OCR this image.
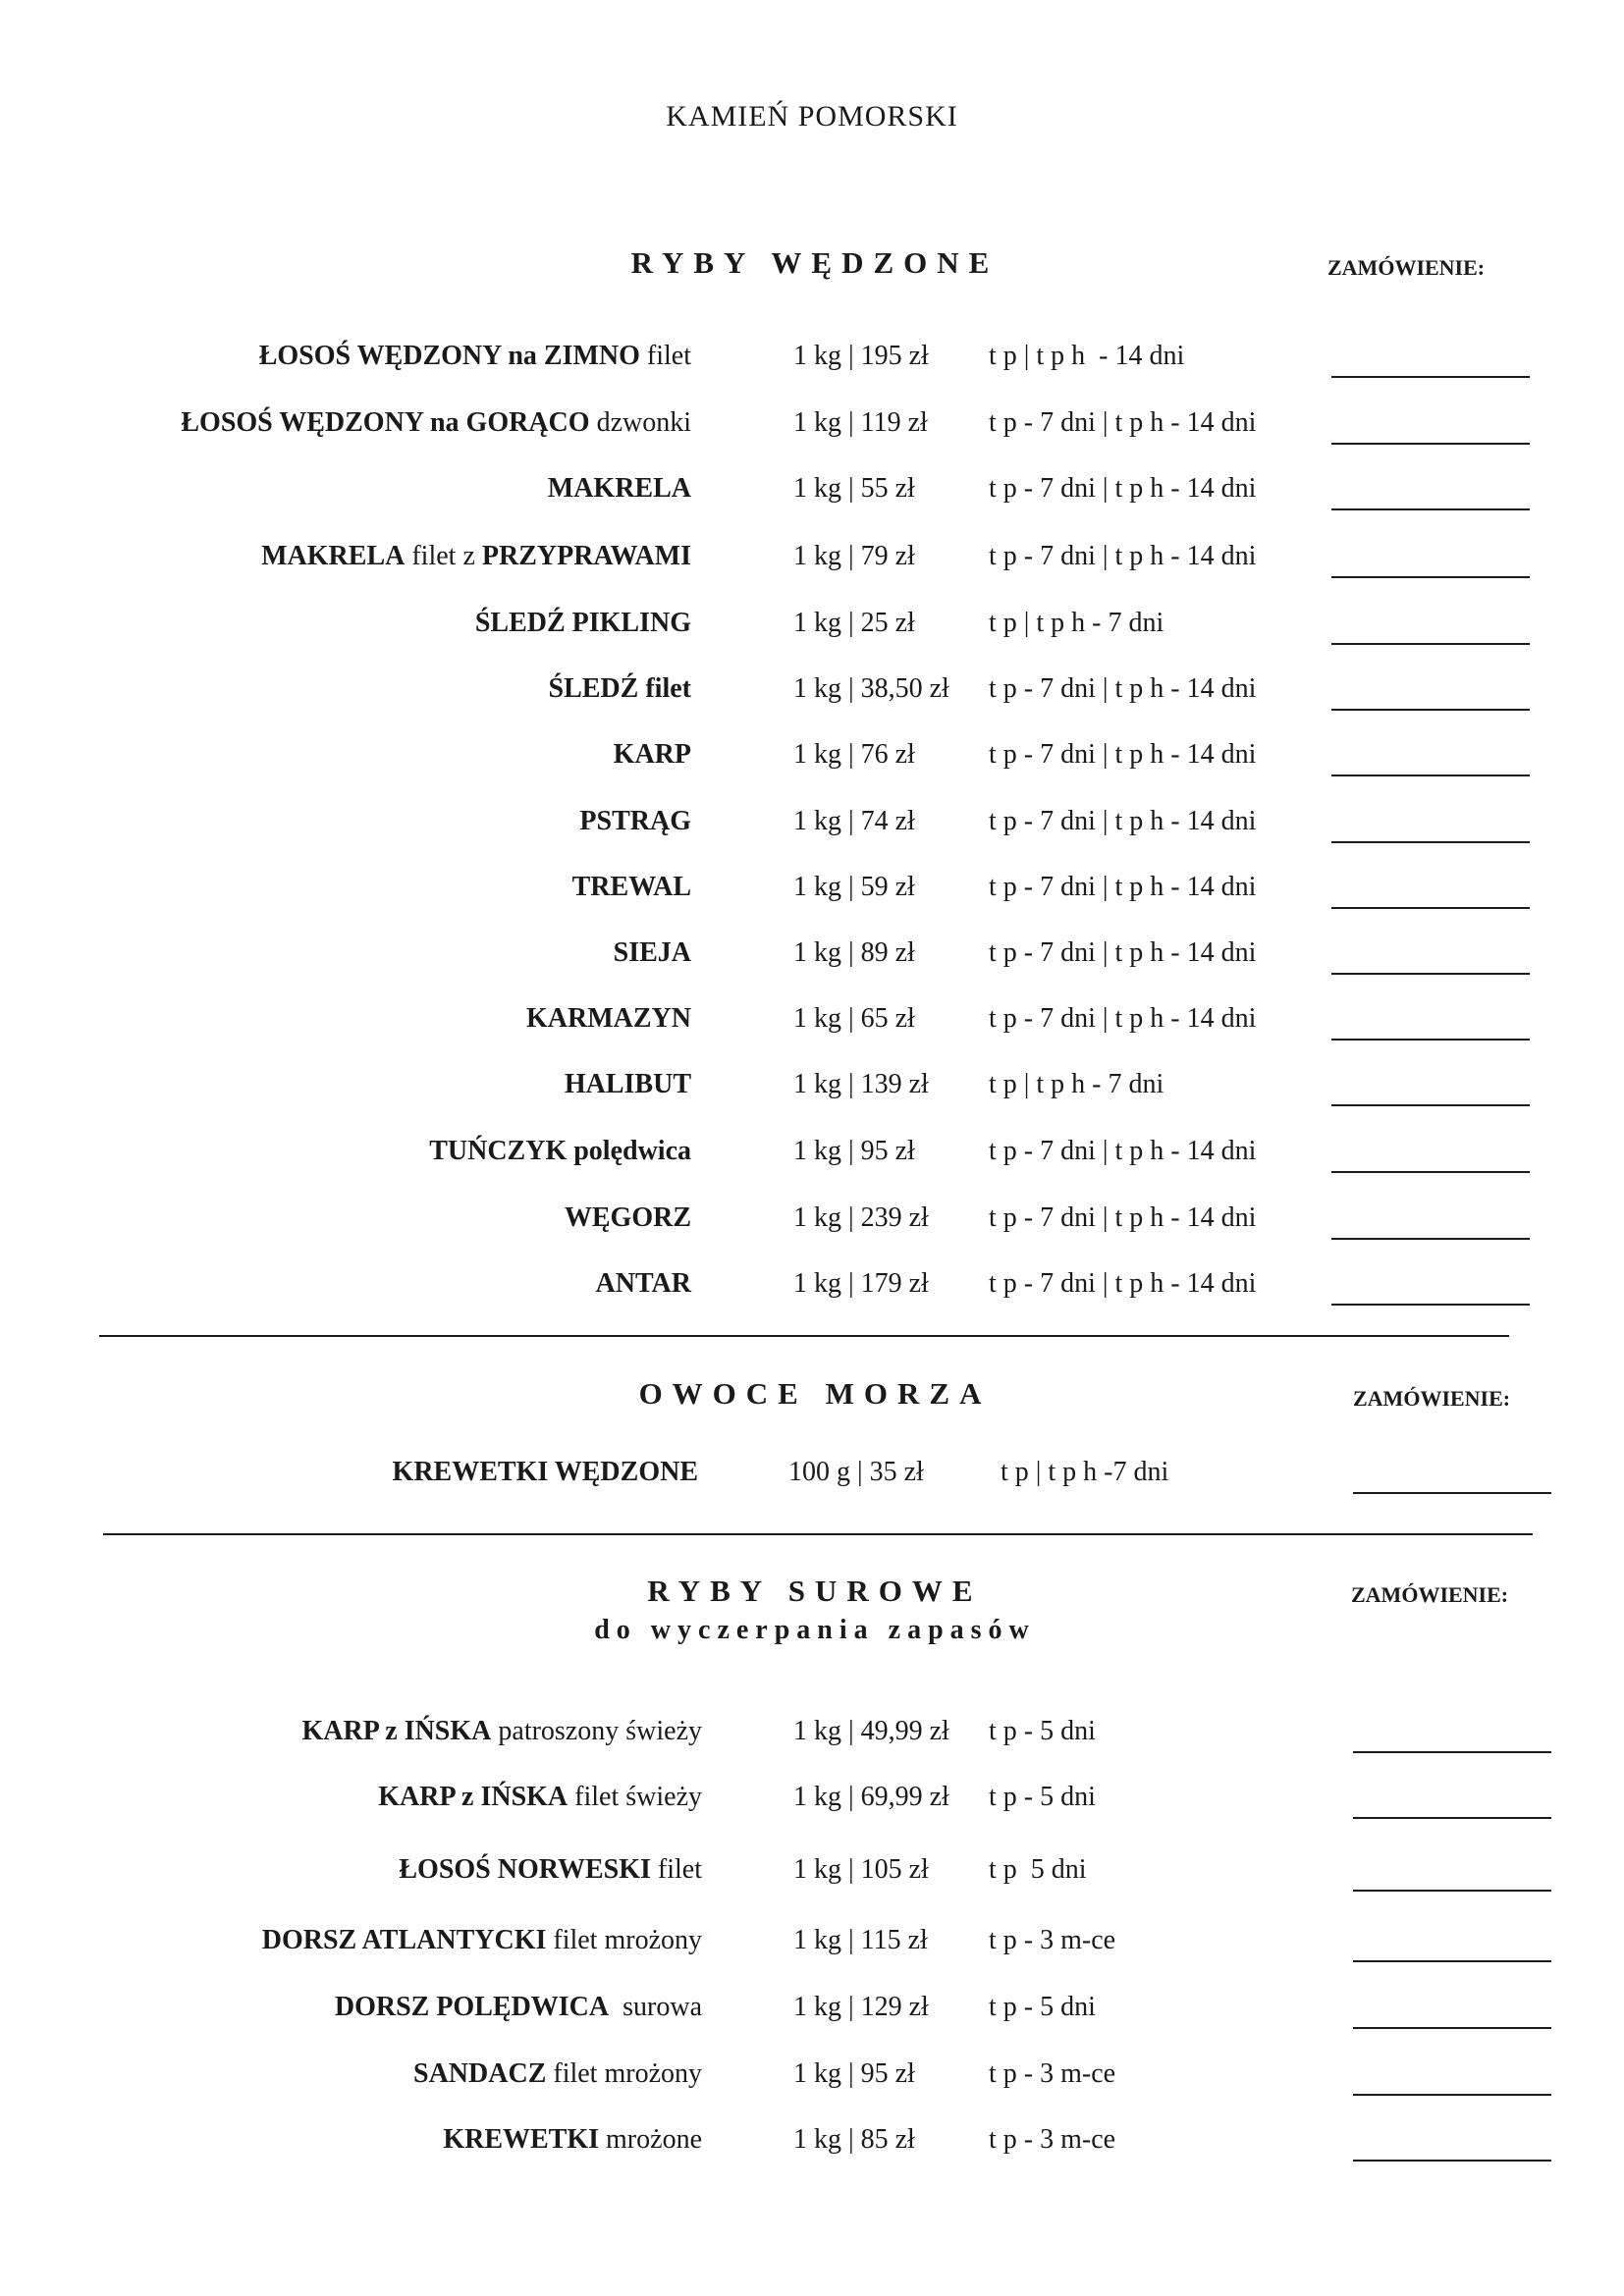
KAMIEŃ POMORSKI
RYBY WĘDZONE	ZAMÓWIENIE:
ŁOSOŚ WĘDZONY na ZIMNO filet	1 kg | 195 zł t p | t p h  - 14 dni
ŁOSOŚ WĘDZONY na GORĄCO dzwonki	1 kg | 119 zł t p - 7 dni | t p h - 14 dni
MAKRELA	1 kg | 55 zł	t p - 7 dni | t p h - 14 dni
MAKRELA filet z PRZYPRAWAMI	1 kg | 79 zł	t p - 7 dni | t p h - 14 dni
ŚLEDŹ PIKLING	1 kg | 25 zł	t p | t p h - 7 dni
ŚLEDŹ filet	1 kg | 38,50 zł t p - 7 dni | t p h - 14 dni
KARP	1 kg | 76 zł	t p - 7 dni | t p h - 14 dni
PSTRĄG	1 kg | 74 zł	t p - 7 dni | t p h - 14 dni
TREWAL	1 kg | 59 zł	t p - 7 dni | t p h - 14 dni
SIEJA	1 kg | 89 zł	t p - 7 dni | t p h - 14 dni
KARMAZYN	1 kg | 65 zł	t p - 7 dni | t p h - 14 dni
HALIBUT	1 kg | 139 zł t p | t p h - 7 dni
TUŃCZYK polędwica	1 kg | 95 zł	t p - 7 dni | t p h - 14 dni
WĘGORZ	1 kg | 239 zł t p - 7 dni | t p h - 14 dni
ANTAR	1 kg | 179 zł t p - 7 dni | t p h - 14 dni
OWOCE MORZA	ZAMÓWIENIE:
KREWETKI WĘDZONE	100 g | 35 zł	t p | t p h -7 dni
RYBY SUROWE
do wyczerpania zapasów
ZAMÓWIENIE:
KARP z IŃSKA patroszony świeży	1 kg | 49,99 zł t p - 5 dni
KARP z IŃSKA filet świeży	1 kg | 69,99 zł t p - 5 dni
ŁOSOŚ NORWESKI filet	1 kg | 105 zł t p  5 dni
DORSZ ATLANTYCKI filet mrożony	1 kg | 115 zł t p - 3 m-ce
DORSZ POLĘDWICA  surowa	1 kg | 129 zł t p - 5 dni
SANDACZ filet mrożony	1 kg | 95 zł	t p - 3 m-ce
KREWETKI mrożone	1 kg | 85 zł	t p - 3 m-ce
